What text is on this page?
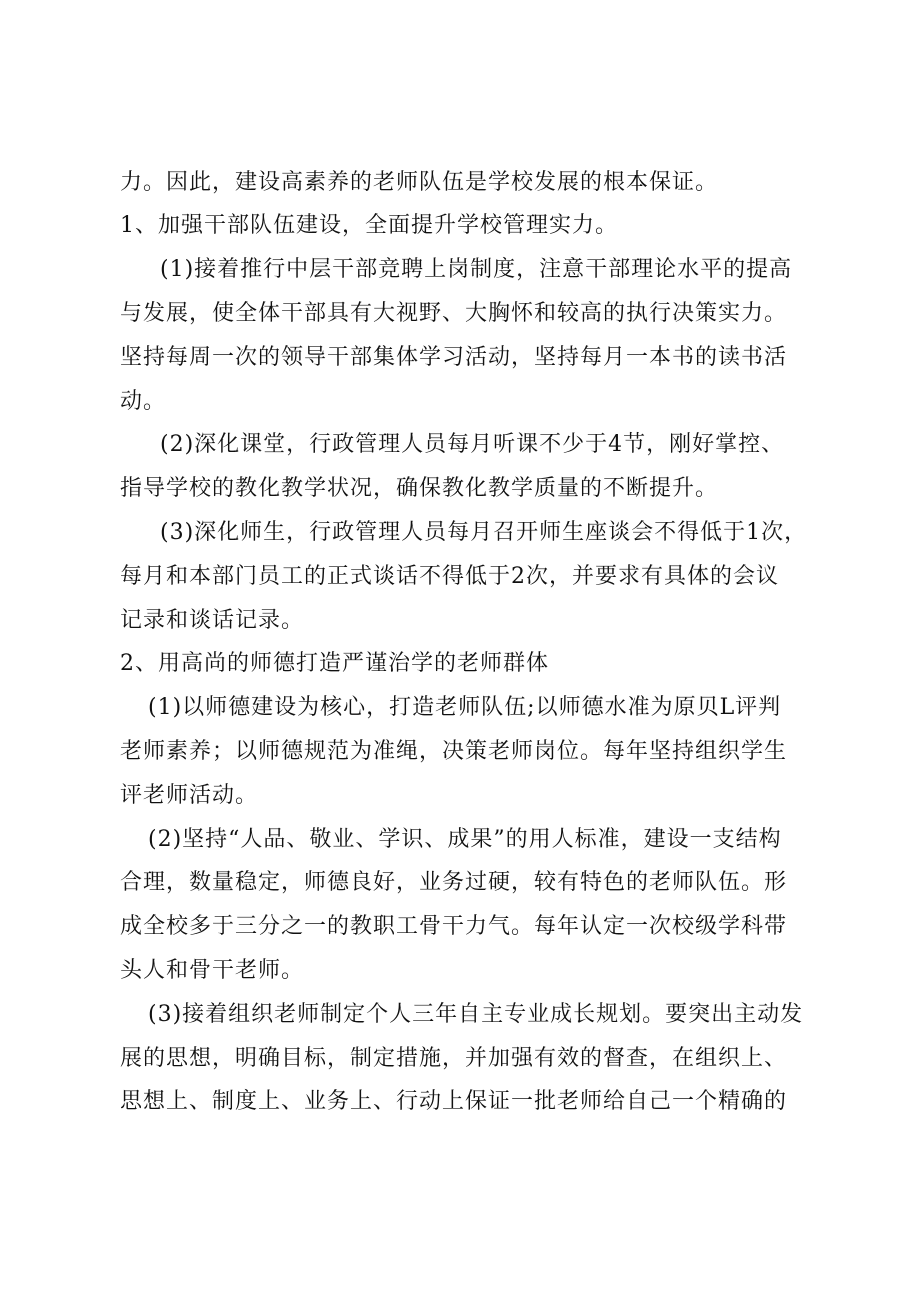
力。因此，建设高素养的老师队伍是学校发展的根本保证。
1、加强干部队伍建设，全面提升学校管理实力。
(1)接着推行中层干部竞聘上岗制度，注意干部理论水平的提高
与发展，使全体干部具有大视野、大胸怀和较高的执行决策实力。
坚持每周一次的领导干部集体学习活动，坚持每月一本书的读书活
动。
(2)深化课堂，行政管理人员每月听课不少于4节，刚好掌控、
指导学校的教化教学状况，确保教化教学质量的不断提升。
(3)深化师生，行政管理人员每月召开师生座谈会不得低于1次，
每月和本部门员工的正式谈话不得低于2次，并要求有具体的会议
记录和谈话记录。
2、用高尚的师德打造严谨治学的老师群体
(1)以师德建设为核心，打造老师队伍;以师德水准为原贝L评判
老师素养；以师德规范为准绳，决策老师岗位。每年坚持组织学生
评老师活动。
(2)坚持“人品、敬业、学识、成果”的用人标准，建设一支结构
合理，数量稳定，师德良好，业务过硬，较有特色的老师队伍。形
成全校多于三分之一的教职工骨干力气。每年认定一次校级学科带
头人和骨干老师。
(3)接着组织老师制定个人三年自主专业成长规划。要突出主动发
展的思想，明确目标，制定措施，并加强有效的督查，在组织上、
思想上、制度上、业务上、行动上保证一批老师给自己一个精确的
